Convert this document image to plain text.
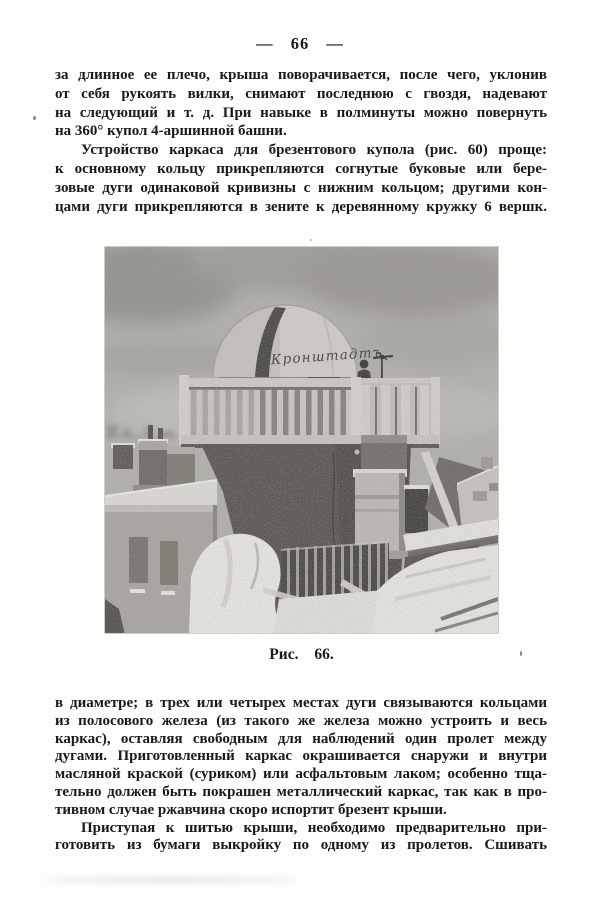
— 66 —
за длинное ее плечо, крыша поворачивается, после чего, уклонив
от себя рукоять вилки, снимают последнюю с гвоздя, надевают
на следующий и т. д. При навыке в полминуты можно повернуть
на 360° купол 4-аршинной башни.
Устройство каркаса для брезентового купола (рис. 60) проще:
к основному кольцу прикрепляются согнутые буковые или бере-
зовые дуги одинаковой кривизны с нижним кольцом; другими кон-
цами дуги прикрепляются в зените к деревянному кружку 6 вершк.
Рис. 66.
в диаметре; в трех или четырех местах дуги связываются кольцами
из полосового железа (из такого же железа можно устроить и весь
каркас), оставляя свободным для наблюдений один пролет между
дугами. Приготовленный каркас окрашивается снаружи и внутри
масляной краской (суриком) или асфальтовым лаком; особенно тща-
тельно должен быть покрашен металлический каркас, так как в про-
тивном случае ржавчина скоро испортит брезент крыши.
Приступая к шитью крыши, необходимо предварительно при-
готовить из бумаги выкройку по одному из пролетов. Сшивать
